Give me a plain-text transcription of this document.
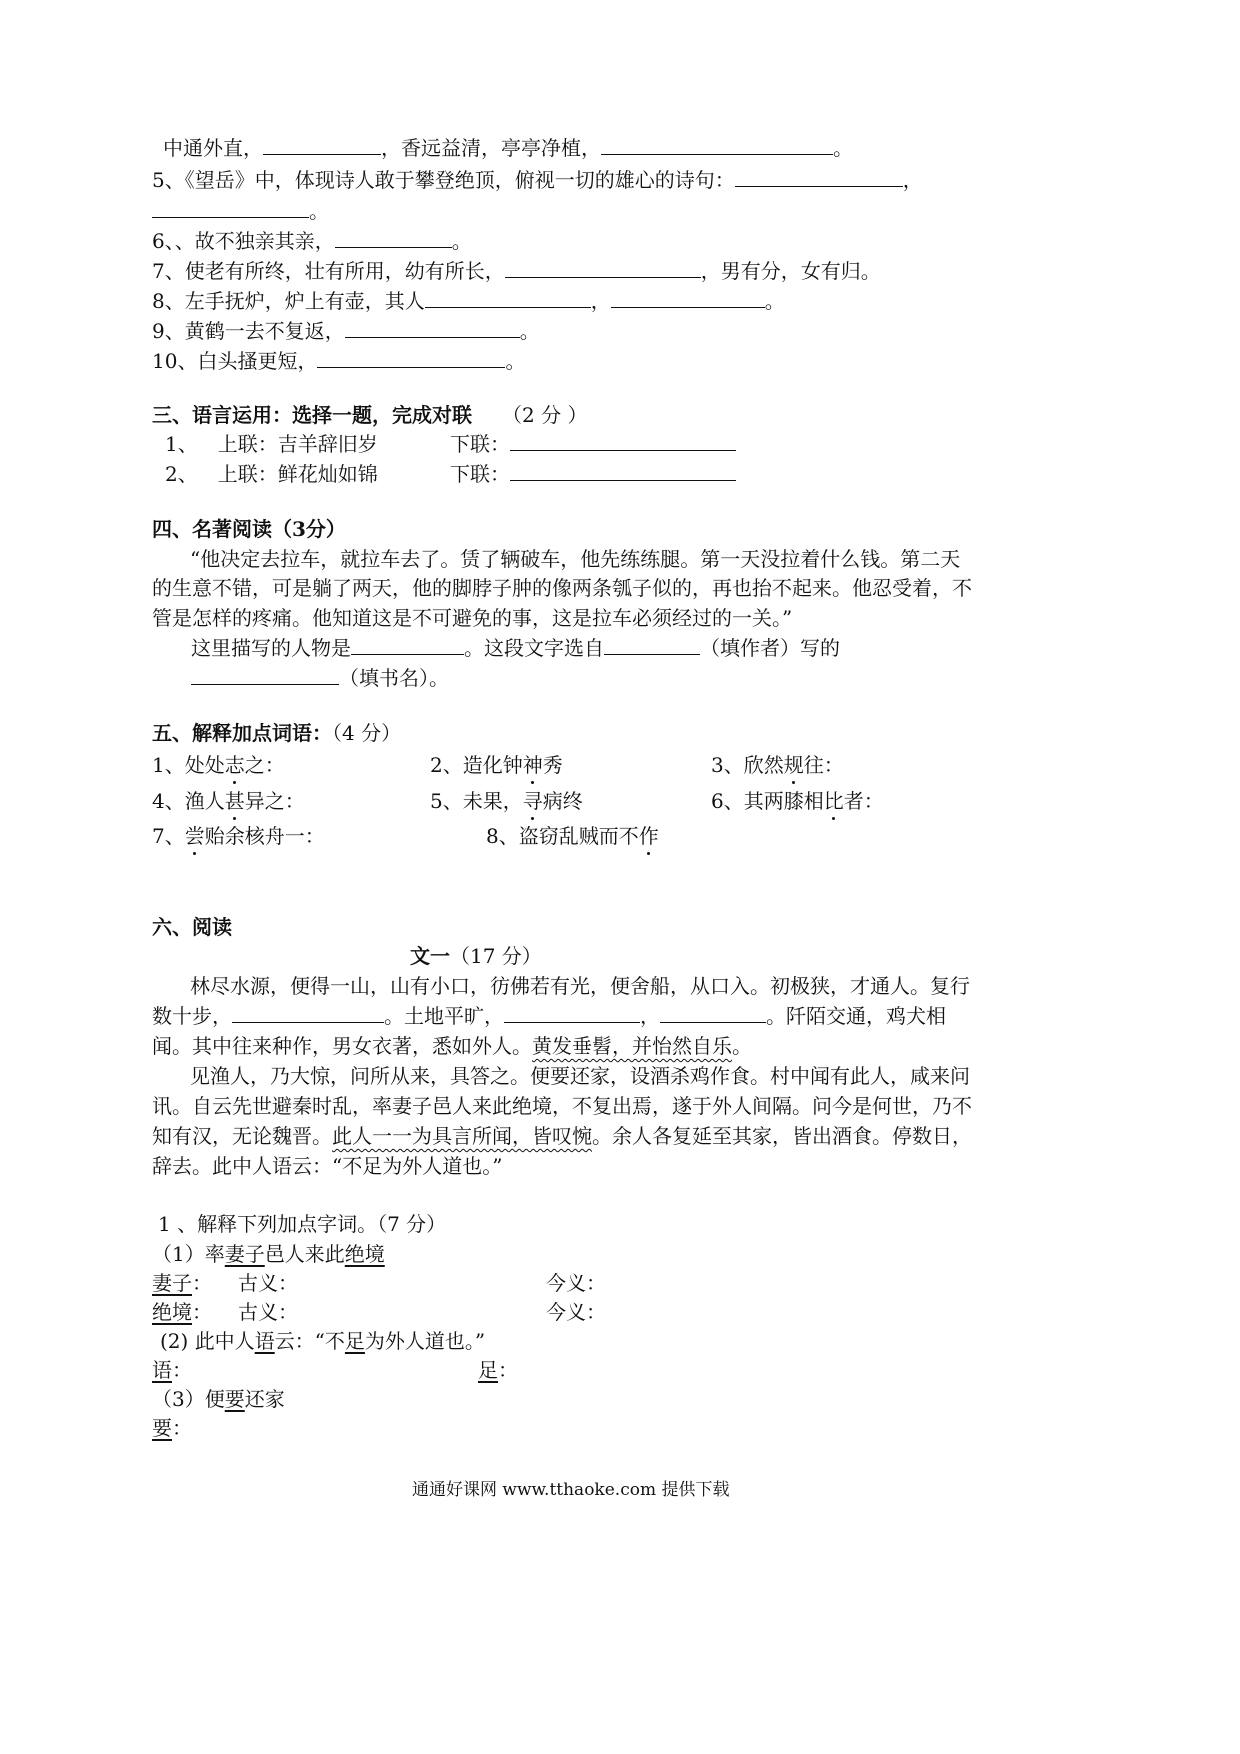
中通外直，	，香远益清，亭亭净植，	。
5、《望岳》中，体现诗人敢于攀登绝顶，俯视一切的雄心的诗句：	，
。
6、、故不独亲其亲，	。
7、使老有所终，壮有所用，幼有所长，	，男有分，女有归。
8、左手抚炉，炉上有壶，其人	，	。
9、黄鹤一去不复返，	。
10、白头搔更短，	。
三、语言运用：选择一题，完成对联 （2 分 ）
1、 上联：吉羊辞旧岁	下联：
2、 上联：鲜花灿如锦	下联：
四、名著阅读（3分）
“他决定去拉车，就拉车去了。赁了辆破车，他先练练腿。第一天没拉着什么钱。第二天
的生意不错，可是躺了两天，他的脚脖子肿的像两条瓠子似的，再也抬不起来。他忍受着，不
管是怎样的疼痛。他知道这是不可避免的事，这是拉车必须经过的一关。”
这里描写的人物是	。这段文字选自	（填作者）写的
（填书名）。
五、解释加点词语：（4 分）
1、处处志之：	2、造化钟神秀	3、欣然规往：
4、渔人甚异之：	5、未果，寻病终	6、其两膝相比者：
7、尝贻余核舟一：	8、盗窃乱贼而不作
六、阅读
文一（17 分）
林尽水源，便得一山，山有小口，彷佛若有光，便舍船，从口入。初极狭，才通人。复行
数十步，	。土地平旷，	，	。阡陌交通，鸡犬相
闻。其中往来种作，男女衣著，悉如外人。黄发垂髫，并怡然自乐。
见渔人，乃大惊，问所从来，具答之。便要还家，设酒杀鸡作食。村中闻有此人，咸来问
讯。自云先世避秦时乱，率妻子邑人来此绝境，不复出焉，遂于外人间隔。问今是何世，乃不
知有汉，无论魏晋。此人一一为具言所闻，皆叹惋。余人各复延至其家，皆出酒食。停数日，
辞去。此中人语云：“不足为外人道也。”
1 、解释下列加点字词。（7 分）
（1）率妻子邑人来此绝境
妻子： 古义：	今义：
绝境： 古义：	今义：
(2) 此中人语云：“不足为外人道也。”
语：	足：
（3）便要还家
要：
通通好课网 www.tthaoke.com 提供下载
